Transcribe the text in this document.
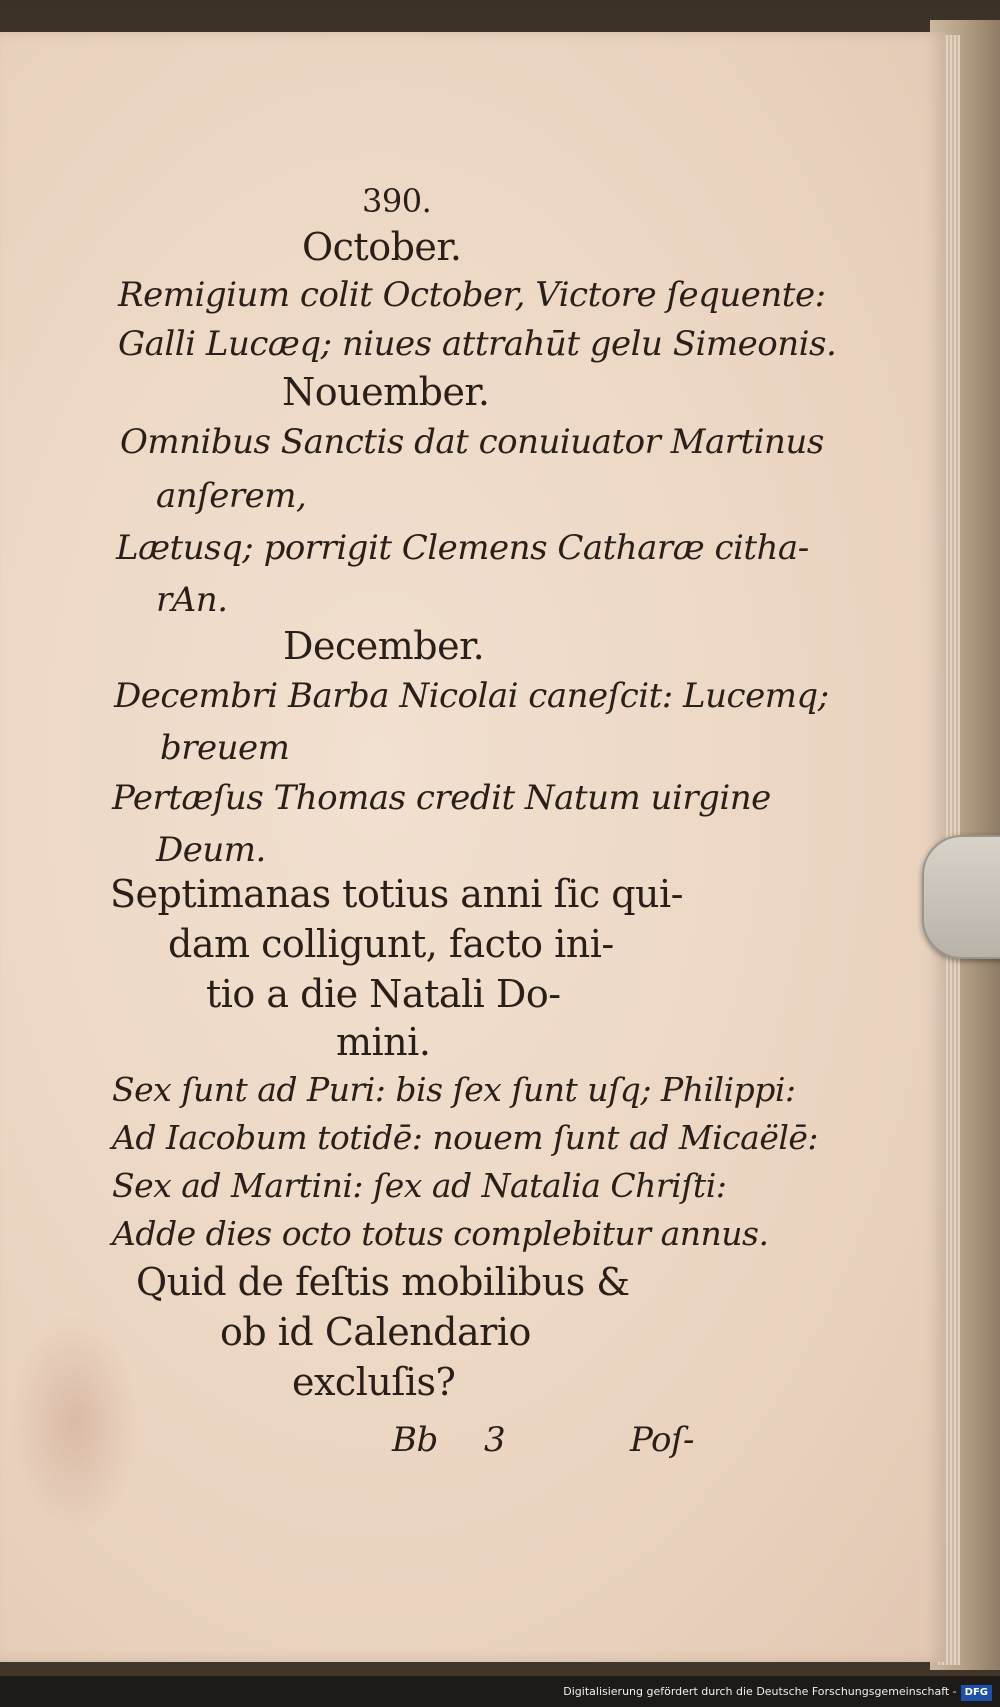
390.
October.
Remigium colit October, Victore ſequente:
Galli Lucæq; niues attrahūt gelu Simeonis.
Nouember.
Omnibus Sanctis dat conuiuator Martinus
anſerem,
Lætusq; porrigit Clemens Catharæ citha-
rAn.
December.
Decembri Barba Nicolai caneſcit: Lucemq;
breuem
Pertæſus Thomas credit Natum uirgine
Deum.
Septimanas totius anni ſic qui-
dam colligunt, facto ini-
tio a die Natali Do-
mini.
Sex ſunt ad Puri: bis ſex ſunt uſq; Philippi:
Ad Iacobum totidē: nouem ſunt ad Micaëlē:
Sex ad Martini: ſex ad Natalia Chriſti:
Adde dies octo totus complebitur annus.
Quid de feſtis mobilibus &
ob id Calendario
excluſis?
Bb 3	Poſ-
Digitalisierung gefördert durch die Deutsche Forschungsgemeinschaft - DFG
